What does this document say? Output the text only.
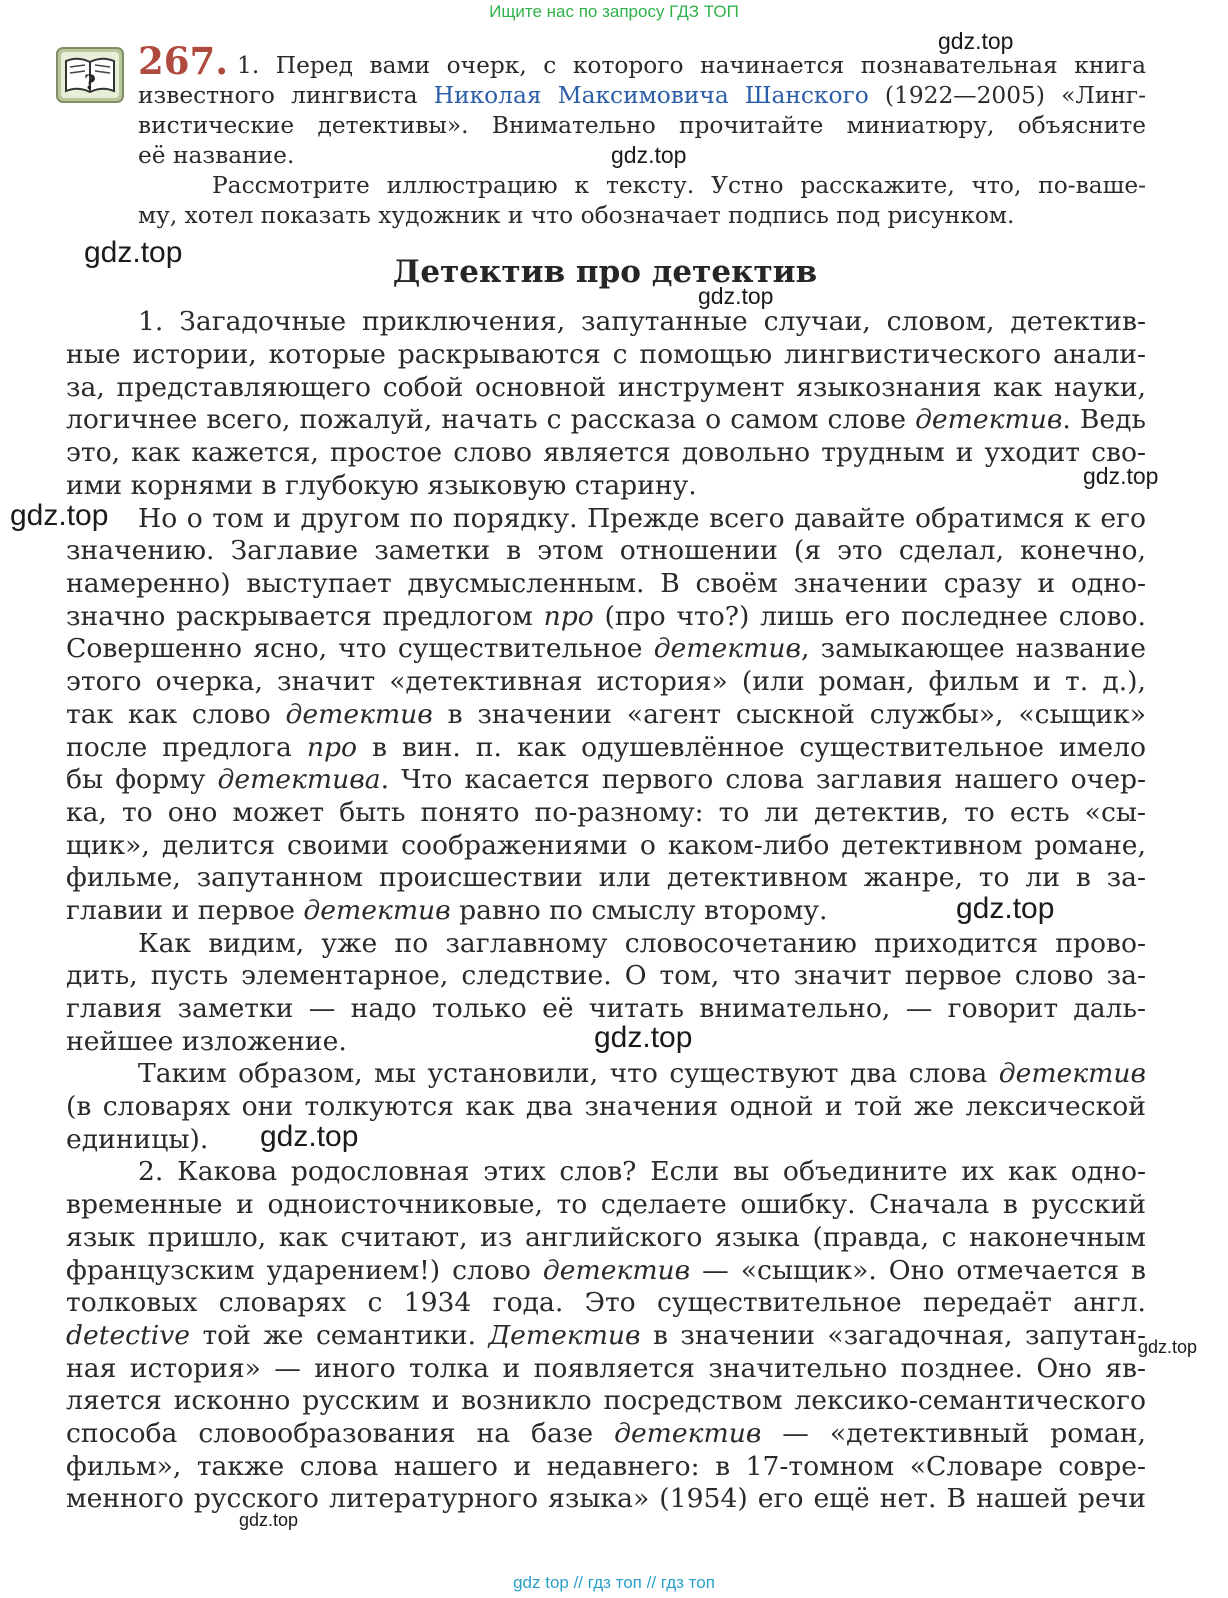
Ищите нас по запросу ГДЗ ТОП
? 267. 1. Перед вами очерк, с которого начинается познавательная книга

известного лингвиста Николая Максимовича Шанского (1922—2005) «Линг-

вистические детективы». Внимательно прочитайте миниатюру, объясните

её название.

Рассмотрите иллюстрацию к тексту. Устно расскажите, что, по-ваше-

му, хотел показать художник и что обозначает подпись под рисунком.

Детектив про детектив

1. Загадочные приключения, запутанные случаи, словом, детектив-

ные истории, которые раскрываются с помощью лингвистического анали-

за, представляющего собой основной инструмент языкознания как науки,

логичнее всего, пожалуй, начать с рассказа о самом слове детектив. Ведь

это, как кажется, простое слово является довольно трудным и уходит сво-

ими корнями в глубокую языковую старину.

Но о том и другом по порядку. Прежде всего давайте обратимся к его

значению. Заглавие заметки в этом отношении (я это сделал, конечно,

намеренно) выступает двусмысленным. В своём значении сразу и одно-

значно раскрывается предлогом про (про что?) лишь его последнее слово.

Совершенно ясно, что существительное детектив, замыкающее название

этого очерка, значит «детективная история» (или роман, фильм и т. д.),

так как слово детектив в значении «агент сыскной службы», «сыщик»

после предлога про в вин. п. как одушевлённое существительное имело

бы форму детектива. Что касается первого слова заглавия нашего очер-

ка, то оно может быть понято по-разному: то ли детектив, то есть «сы-

щик», делится своими соображениями о каком-либо детективном романе,

фильме, запутанном происшествии или детективном жанре, то ли в за-

главии и первое детектив равно по смыслу второму.

Как видим, уже по заглавному словосочетанию приходится прово-

дить, пусть элементарное, следствие. О том, что значит первое слово за-

главия заметки — надо только её читать внимательно, — говорит даль-

нейшее изложение.

Таким образом, мы установили, что существуют два слова детектив

(в словарях они толкуются как два значения одной и той же лексической

единицы).

2. Какова родословная этих слов? Если вы объедините их как одно-

временные и одноисточниковые, то сделаете ошибку. Сначала в русский

язык пришло, как считают, из английского языка (правда, с наконечным

французским ударением!) слово детектив — «сыщик». Оно отмечается в

толковых словарях с 1934 года. Это существительное передаёт англ.

detective той же семантики. Детектив в значении «загадочная, запутан-

ная история» — иного толка и появляется значительно позднее. Оно яв-

ляется исконно русским и возникло посредством лексико-семантического

способа словообразования на базе детектив — «детективный роман,

фильм», также слова нашего и недавнего: в 17-томном «Словаре совре-

менного русского литературного языка» (1954) его ещё нет. В нашей речи

gdz.top
gdz.top
gdz.top
gdz.top
gdz.top
gdz.top
gdz.top
gdz.top
gdz.top
gdz.top
gdz.top
gdz top // гдз топ // гдз топ
